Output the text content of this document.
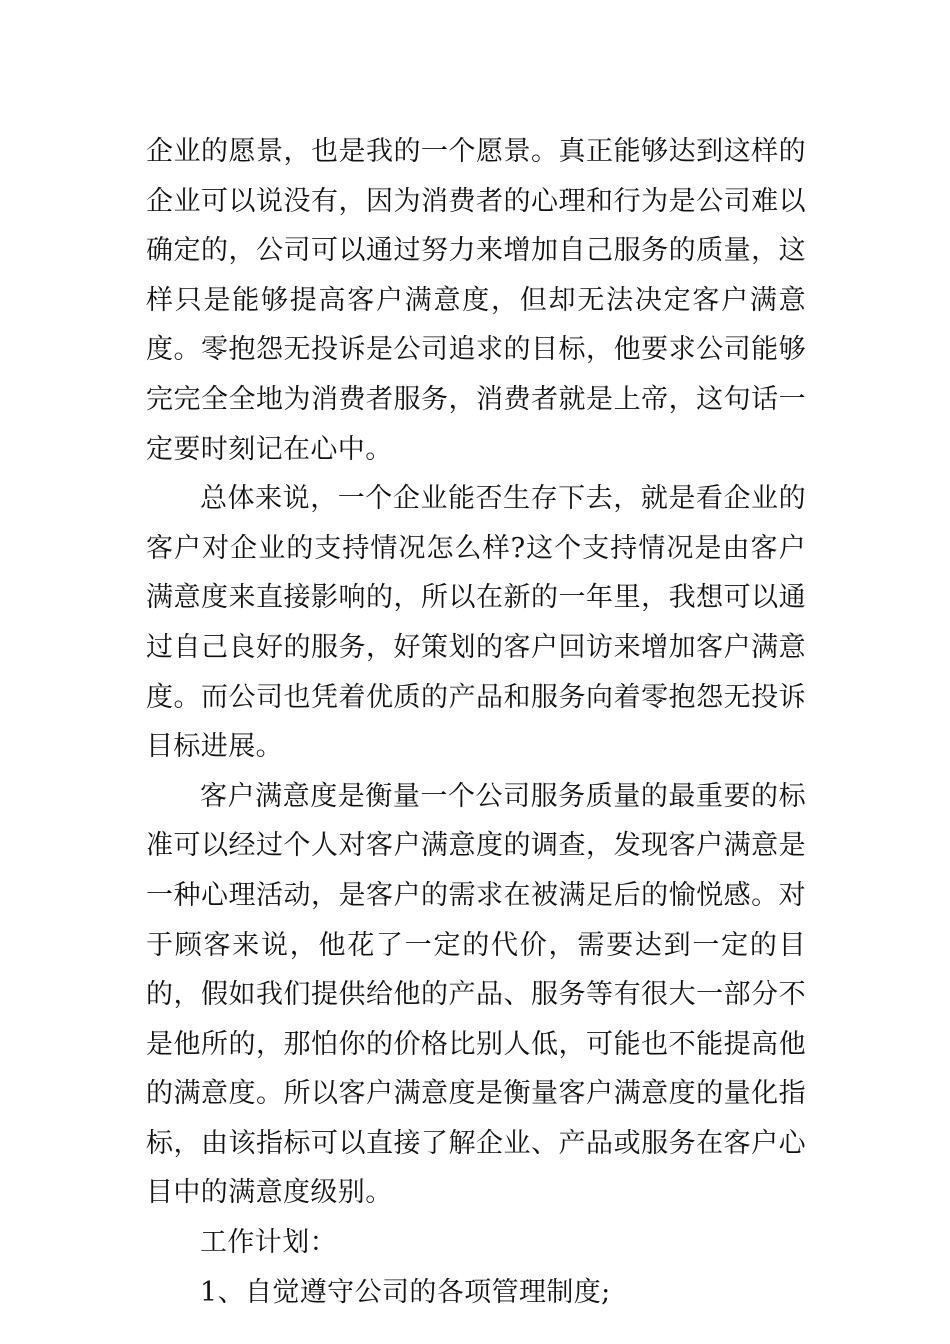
企业的愿景，也是我的一个愿景。真正能够达到这样的企业可以说没有，因为消费者的心理和行为是公司难以确定的，公司可以通过努力来增加自己服务的质量，这样只是能够提高客户满意度，但却无法决定客户满意度。零抱怨无投诉是公司追求的目标，他要求公司能够完完全全地为消费者服务，消费者就是上帝，这句话一定要时刻记在心中。

总体来说，一个企业能否生存下去，就是看企业的客户对企业的支持情况怎么样?这个支持情况是由客户满意度来直接影响的，所以在新的一年里，我想可以通过自己良好的服务，好策划的客户回访来增加客户满意度。而公司也凭着优质的产品和服务向着零抱怨无投诉目标进展。

客户满意度是衡量一个公司服务质量的最重要的标准可以经过个人对客户满意度的调查，发现客户满意是一种心理活动，是客户的需求在被满足后的愉悦感。对于顾客来说，他花了一定的代价，需要达到一定的目的，假如我们提供给他的产品、服务等有很大一部分不是他所的，那怕你的价格比别人低，可能也不能提高他的满意度。所以客户满意度是衡量客户满意度的量化指标，由该指标可以直接了解企业、产品或服务在客户心目中的满意度级别。

工作计划：

1、自觉遵守公司的各项管理制度;
